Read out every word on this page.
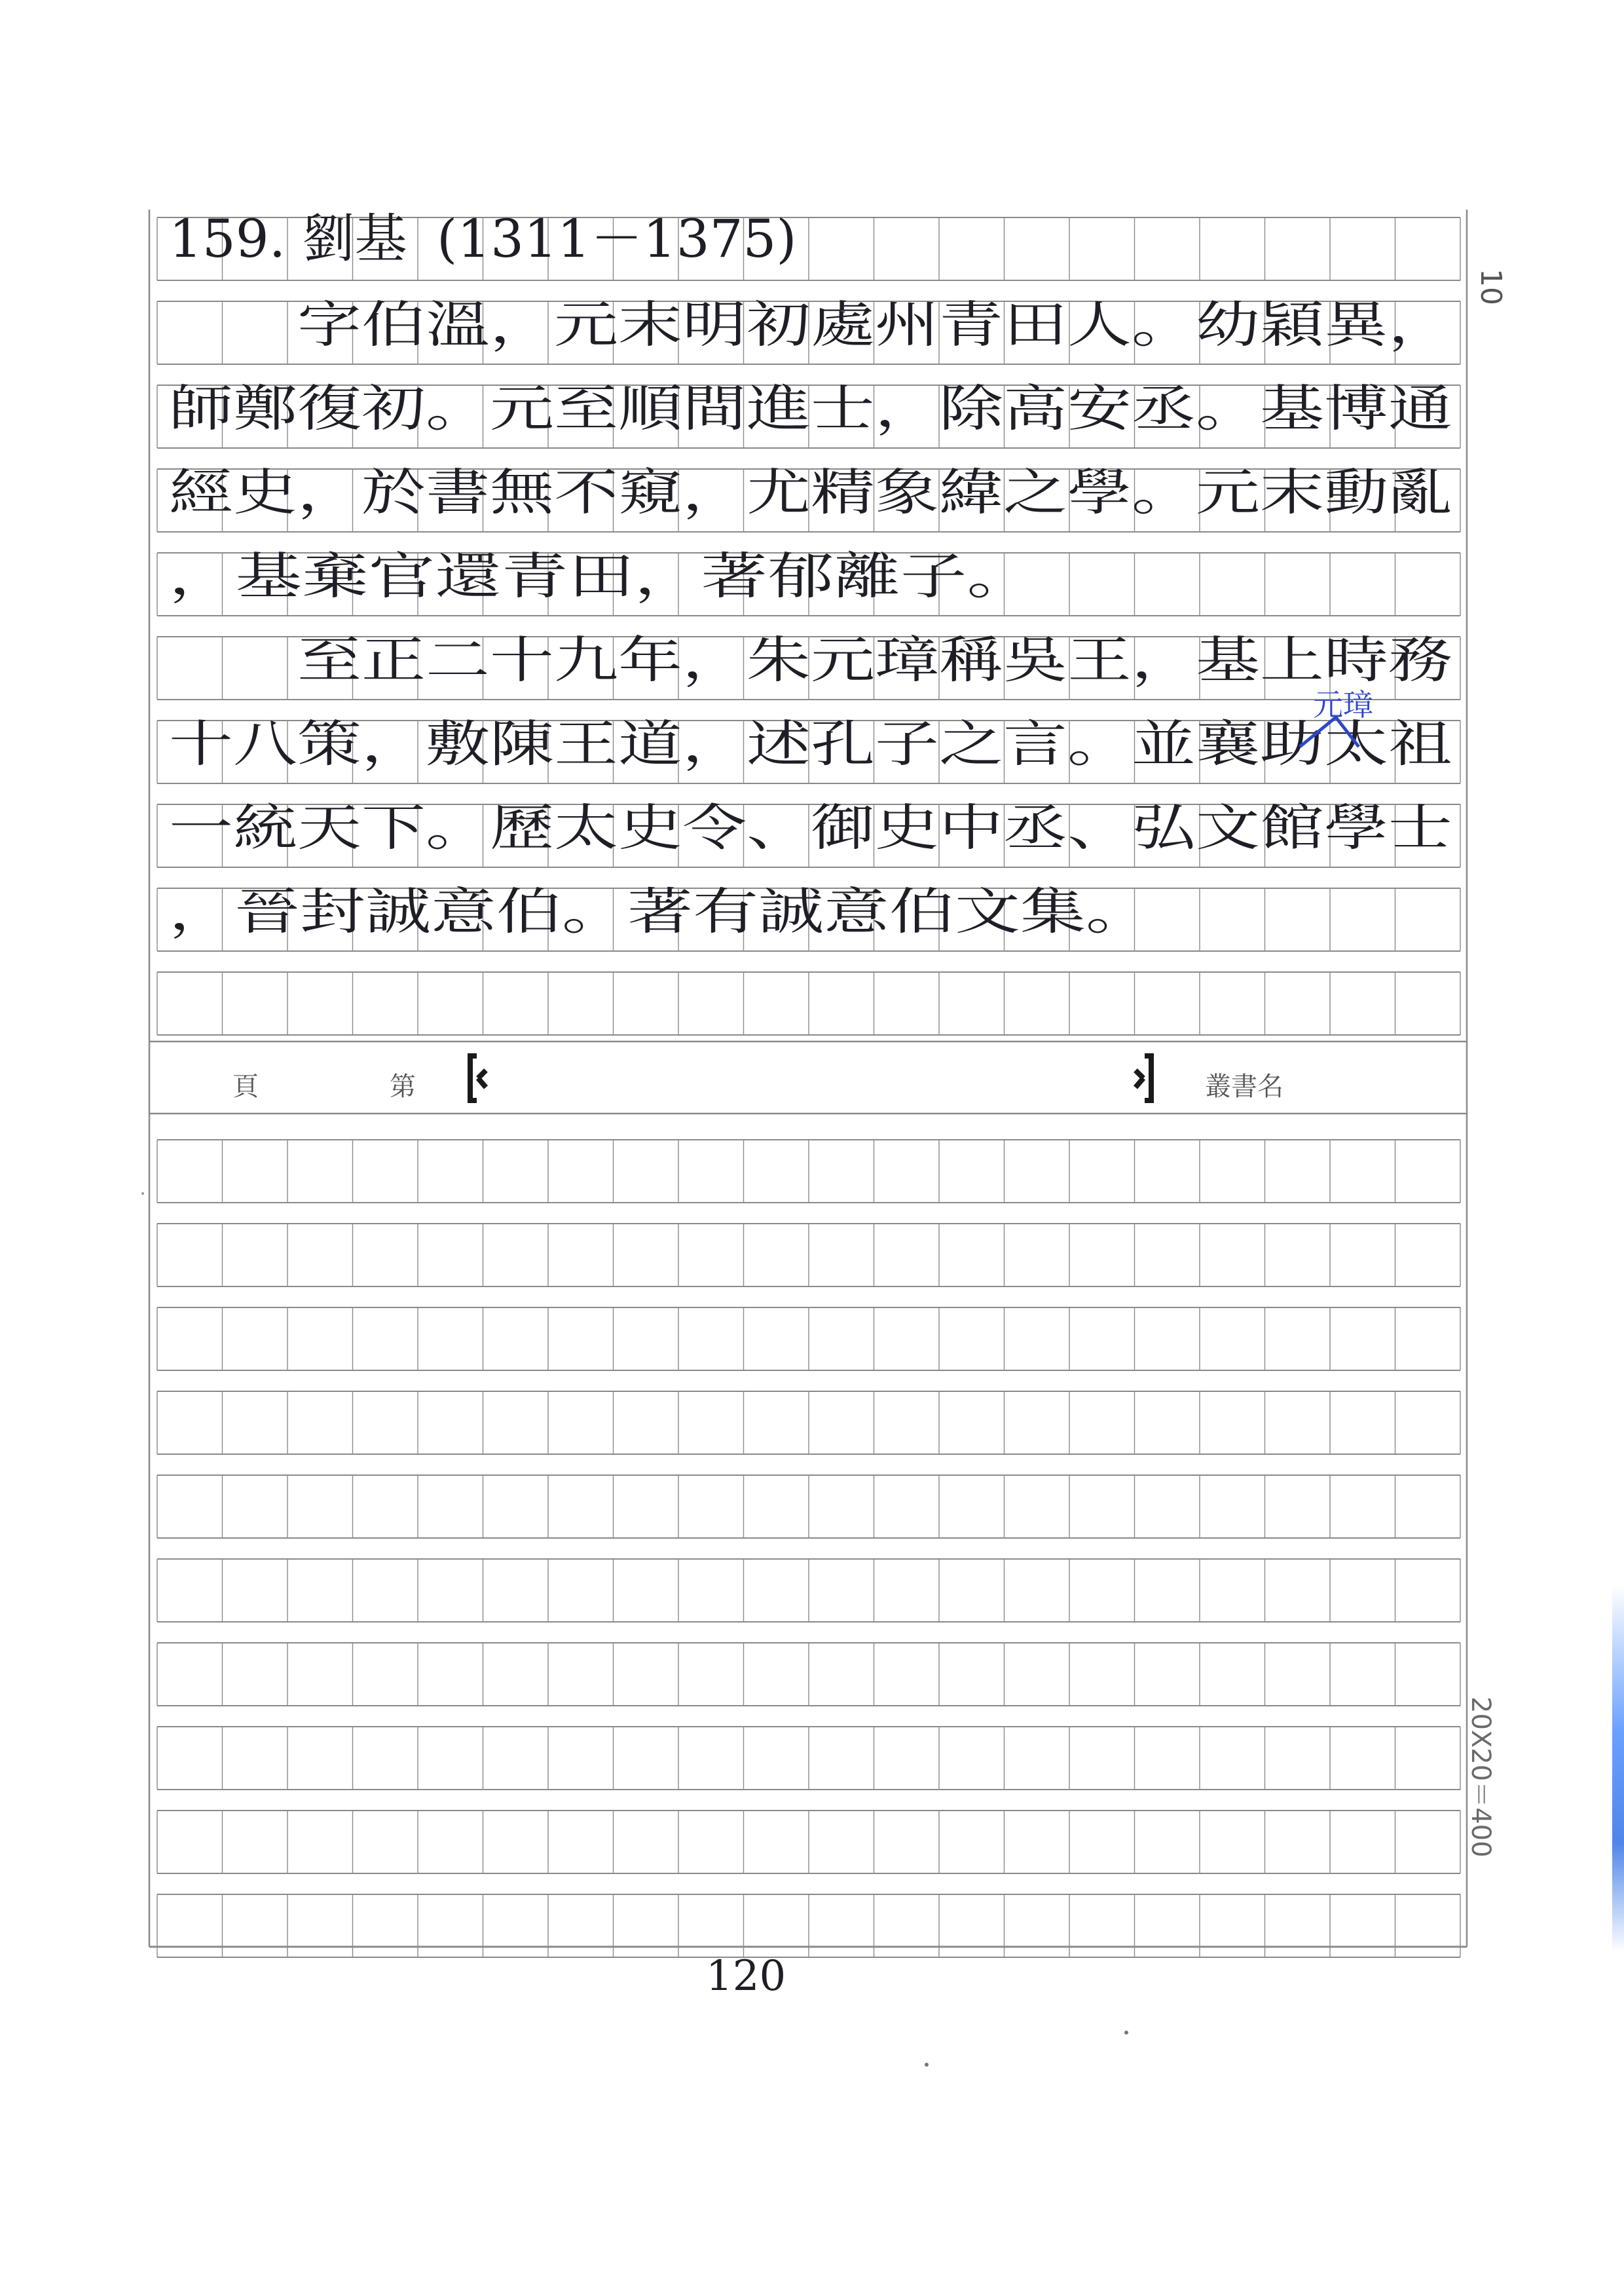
159. 劉基 (1311－1375)
　　字伯溫，元末明初處州青田人。幼穎異，
師鄭復初。元至順間進士，除高安丞。基博通
經史，於書無不窺，尤精象緯之學。元末動亂
，基棄官還青田，著郁離子。
　　至正二十九年，朱元璋稱吳王，基上時務
十八策，敷陳王道，述孔子之言。並襄助太祖
一統天下。歷太史令、御史中丞、弘文館學士
，晉封誠意伯。著有誠意伯文集。
元璋
頁	第	叢書名
10
20X20＝400
120
